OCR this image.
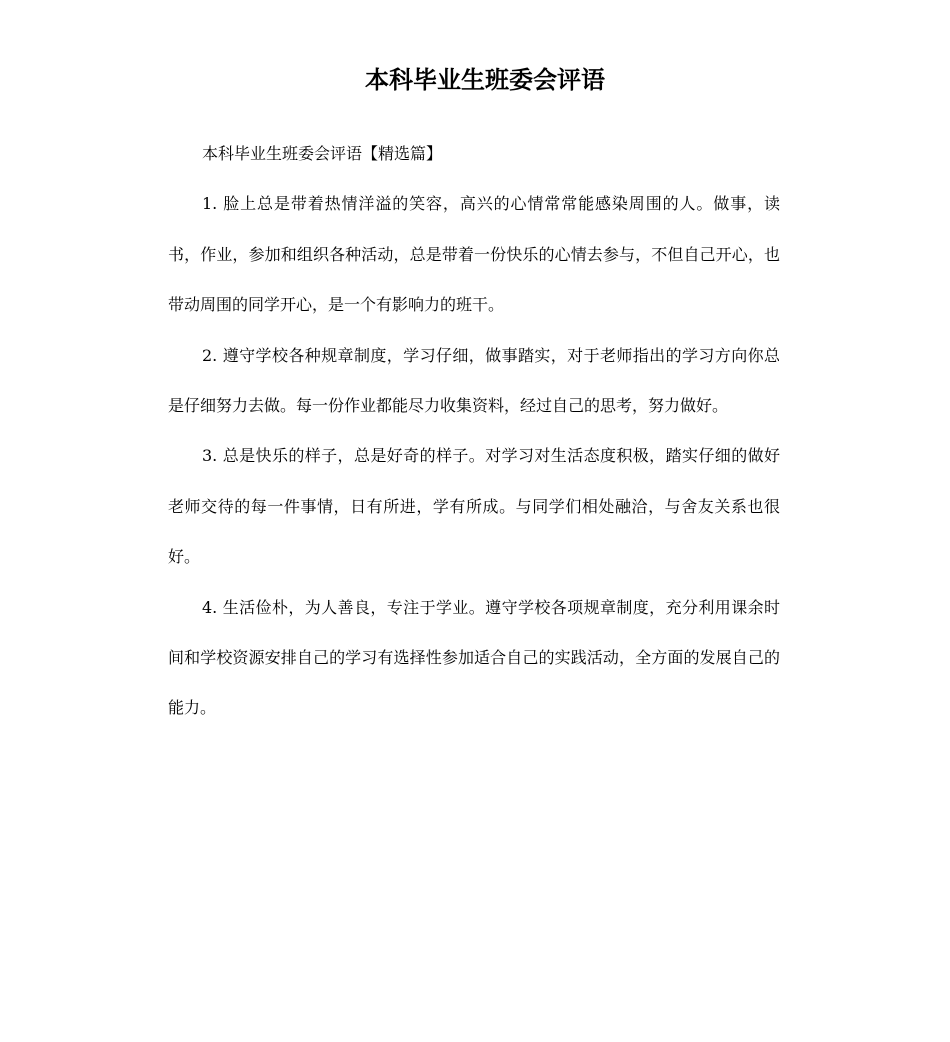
本科毕业生班委会评语

本科毕业生班委会评语【精选篇】

1. 脸上总是带着热情洋溢的笑容，高兴的心情常常能感染周围的人。做事，读书，作业，参加和组织各种活动，总是带着一份快乐的心情去参与，不但自己开心，也带动周围的同学开心，是一个有影响力的班干。

2. 遵守学校各种规章制度，学习仔细，做事踏实，对于老师指出的学习方向你总是仔细努力去做。每一份作业都能尽力收集资料，经过自己的思考，努力做好。

3. 总是快乐的样子，总是好奇的样子。对学习对生活态度积极，踏实仔细的做好老师交待的每一件事情，日有所进，学有所成。与同学们相处融洽，与舍友关系也很好。

4. 生活俭朴，为人善良，专注于学业。遵守学校各项规章制度，充分利用课余时间和学校资源安排自己的学习有选择性参加适合自己的实践活动，全方面的发展自己的能力。
